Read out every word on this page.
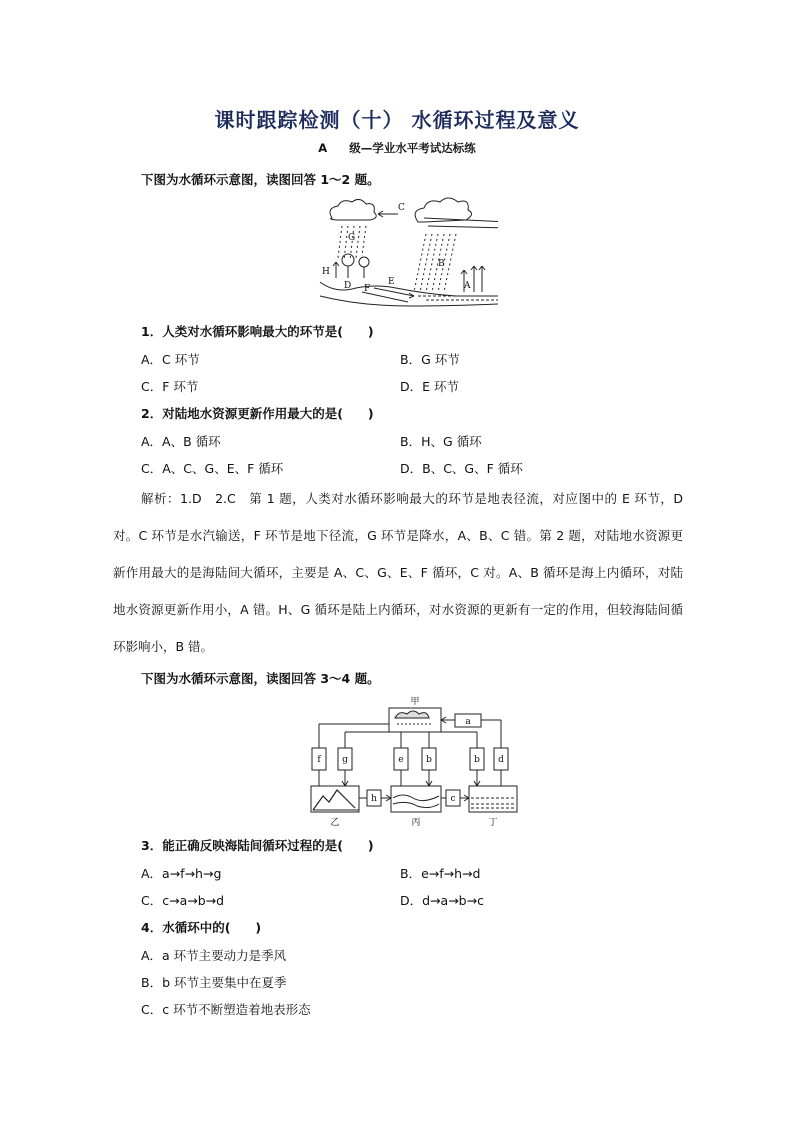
课时跟踪检测（十） 水循环过程及意义
A 级—学业水平考试达标练
下图为水循环示意图，读图回答 1～2 题。
C
G
H
D F
E
B
A
1．人类对水循环影响最大的环节是(　　)
A．C 环节	B．G 环节
C．F 环节	D．E 环节
2．对陆地水资源更新作用最大的是(　　)
A．A、B 循环	B．H、G 循环
C．A、C、G、E、F 循环	D．B、C、G、F 循环
解析：1.D　2.C　第 1 题，人类对水循环影响最大的环节是地表径流，对应图中的 E 环节，D 对。C 环节是水汽输送，F 环节是地下径流，G 环节是降水，A、B、C 错。第 2 题，对陆地水资源更新作用最大的是海陆间大循环，主要是 A、C、G、E、F 循环，C 对。A、B 循环是海上内循环，对陆地水资源更新作用小，A 错。H、G 循环是陆上内循环，对水资源的更新有一定的作用，但较海陆间循环影响小，B 错。
下图为水循环示意图，读图回答 3～4 题。
甲
a
f g	e b	b d
h	c
乙	丙	丁
3．能正确反映海陆间循环过程的是(　　)
A．a→f→h→g	B．e→f→h→d
C．c→a→b→d	D．d→a→b→c
4．水循环中的(　　)
A．a 环节主要动力是季风
B．b 环节主要集中在夏季
C．c 环节不断塑造着地表形态
